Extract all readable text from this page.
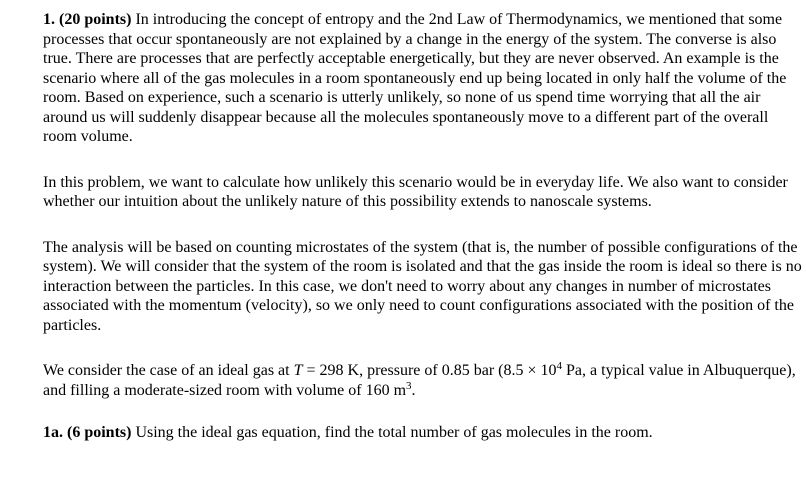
1. (20 points) In introducing the concept of entropy and the 2nd Law of Thermodynamics, we mentioned that some processes that occur spontaneously are not explained by a change in the energy of the system. The converse is also true. There are processes that are perfectly acceptable energetically, but they are never observed. An example is the scenario where all of the gas molecules in a room spontaneously end up being located in only half the volume of the room. Based on experience, such a scenario is utterly unlikely, so none of us spend time worrying that all the air around us will suddenly disappear because all the molecules spontaneously move to a different part of the overall room volume.

In this problem, we want to calculate how unlikely this scenario would be in everyday life. We also want to consider whether our intuition about the unlikely nature of this possibility extends to nanoscale systems.

The analysis will be based on counting microstates of the system (that is, the number of possible configurations of the system). We will consider that the system of the room is isolated and that the gas inside the room is ideal so there is no interaction between the particles. In this case, we don't need to worry about any changes in number of microstates associated with the momentum (velocity), so we only need to count configurations associated with the position of the particles.

We consider the case of an ideal gas at T = 298 K, pressure of 0.85 bar ($8.5 \times 10^4$ Pa, a typical value in Albuquerque), and filling a moderate-sized room with volume of 160 $m^3$.

1a. (6 points) Using the ideal gas equation, find the total number of gas molecules in the room.
